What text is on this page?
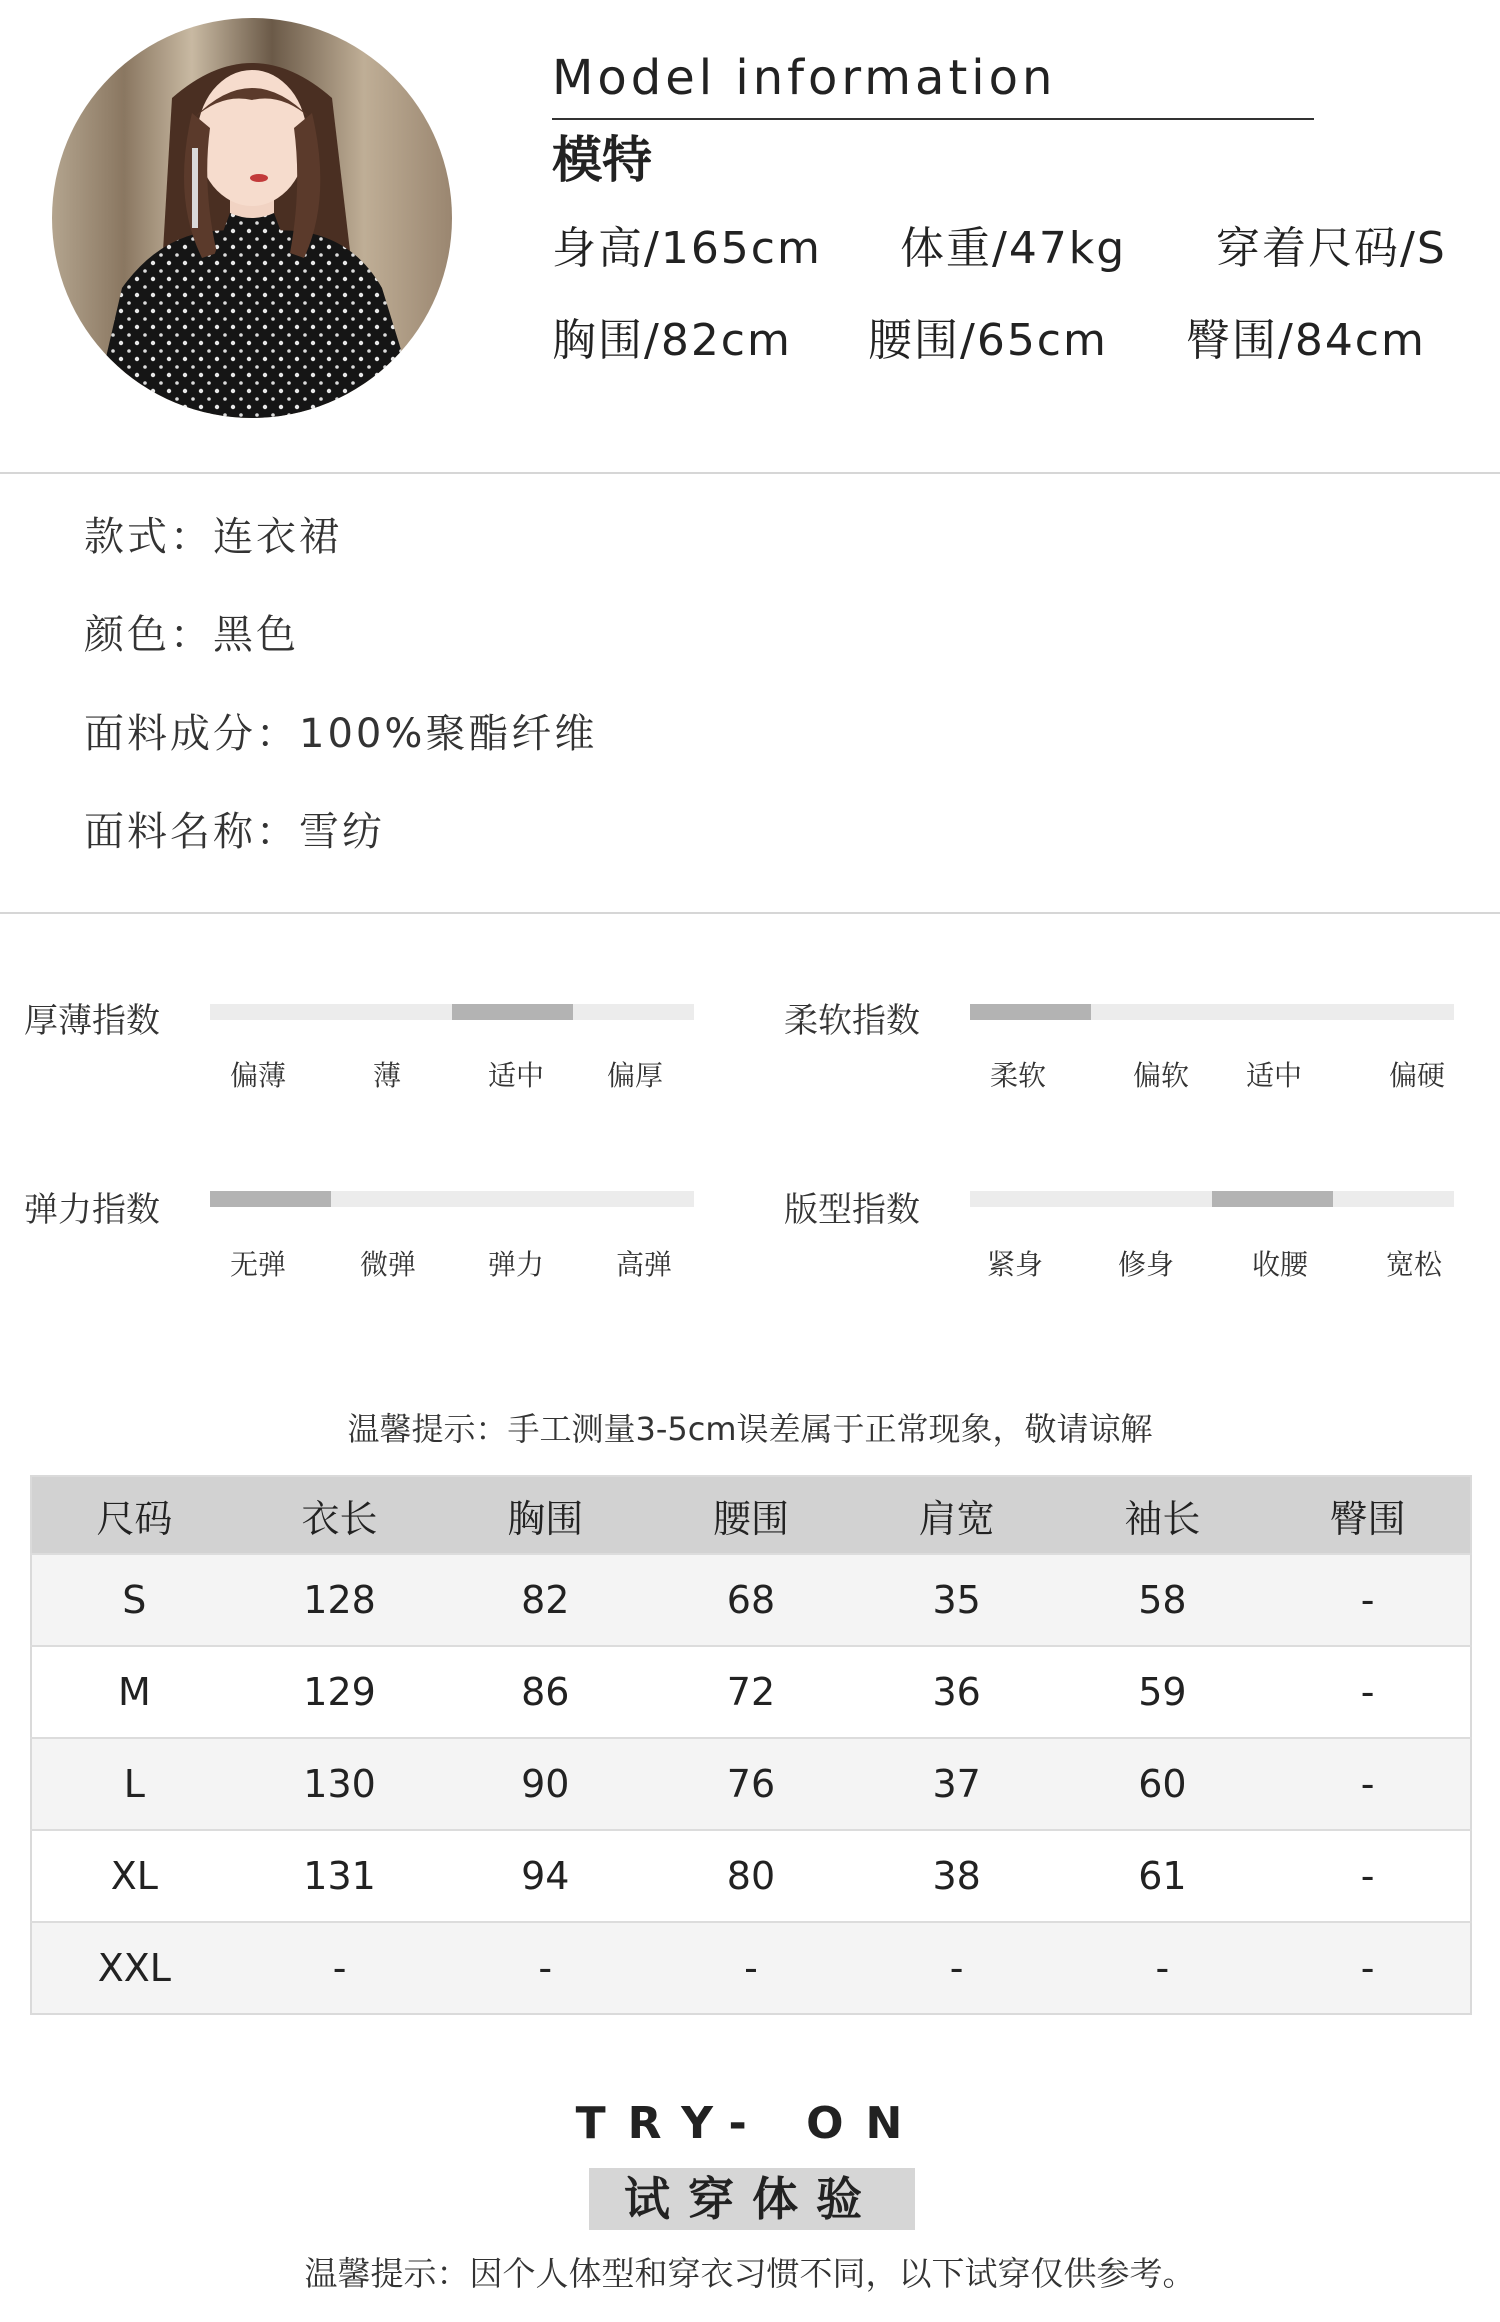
Model information
模特
身高/165cm 体重/47kg 穿着尺码/S
胸围/82cm 腰围/65cm 臀围/84cm
款式：连衣裙
颜色：黑色
面料成分：100%聚酯纤维
面料名称：雪纺
厚薄指数
偏薄	薄	适中 偏厚
柔软指数
柔软	偏软 适中	偏硬
弹力指数
无弹	微弹	弹力	高弹
版型指数
紧身	修身	收腰	宽松
温馨提示：手工测量3-5cm误差属于正常现象，敬请谅解
尺码	衣长	胸围	腰围	肩宽	袖长	臀围
S	128	82	68	35	58	-
M	129	86	72	36	59	-
L	130	90	76	37	60	-
XL	131	94	80	38	61	-
XXL	-	-	-	-	-	-
TRY- ON
试穿体验
温馨提示：因个人体型和穿衣习惯不同，以下试穿仅供参考。
